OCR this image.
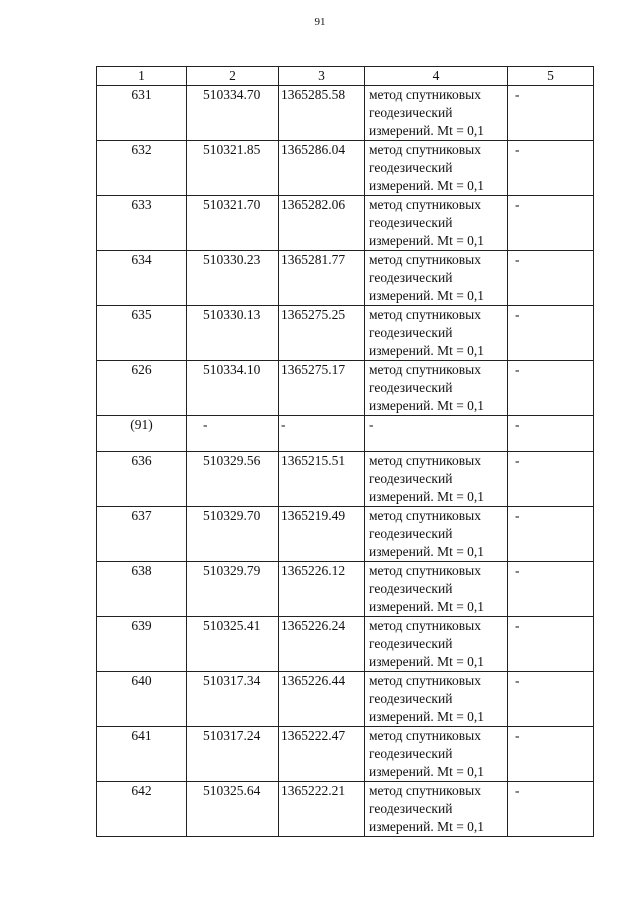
91
1	2	3	4	5
631	510334.70	1365285.58	метод спутниковых
геодезический
измерений. Mt = 0,1	-
632	510321.85	1365286.04	метод спутниковых
геодезический
измерений. Mt = 0,1	-
633	510321.70	1365282.06	метод спутниковых
геодезический
измерений. Mt = 0,1	-
634	510330.23	1365281.77	метод спутниковых
геодезический
измерений. Mt = 0,1	-
635	510330.13	1365275.25	метод спутниковых
геодезический
измерений. Mt = 0,1	-
626	510334.10	1365275.17	метод спутниковых
геодезический
измерений. Mt = 0,1	-
(91)	-	-	-	-
636	510329.56	1365215.51	метод спутниковых
геодезический
измерений. Mt = 0,1	-
637	510329.70	1365219.49	метод спутниковых
геодезический
измерений. Mt = 0,1	-
638	510329.79	1365226.12	метод спутниковых
геодезический
измерений. Mt = 0,1	-
639	510325.41	1365226.24	метод спутниковых
геодезический
измерений. Mt = 0,1	-
640	510317.34	1365226.44	метод спутниковых
геодезический
измерений. Mt = 0,1	-
641	510317.24	1365222.47	метод спутниковых
геодезический
измерений. Mt = 0,1	-
642	510325.64	1365222.21	метод спутниковых
геодезический
измерений. Mt = 0,1	-
